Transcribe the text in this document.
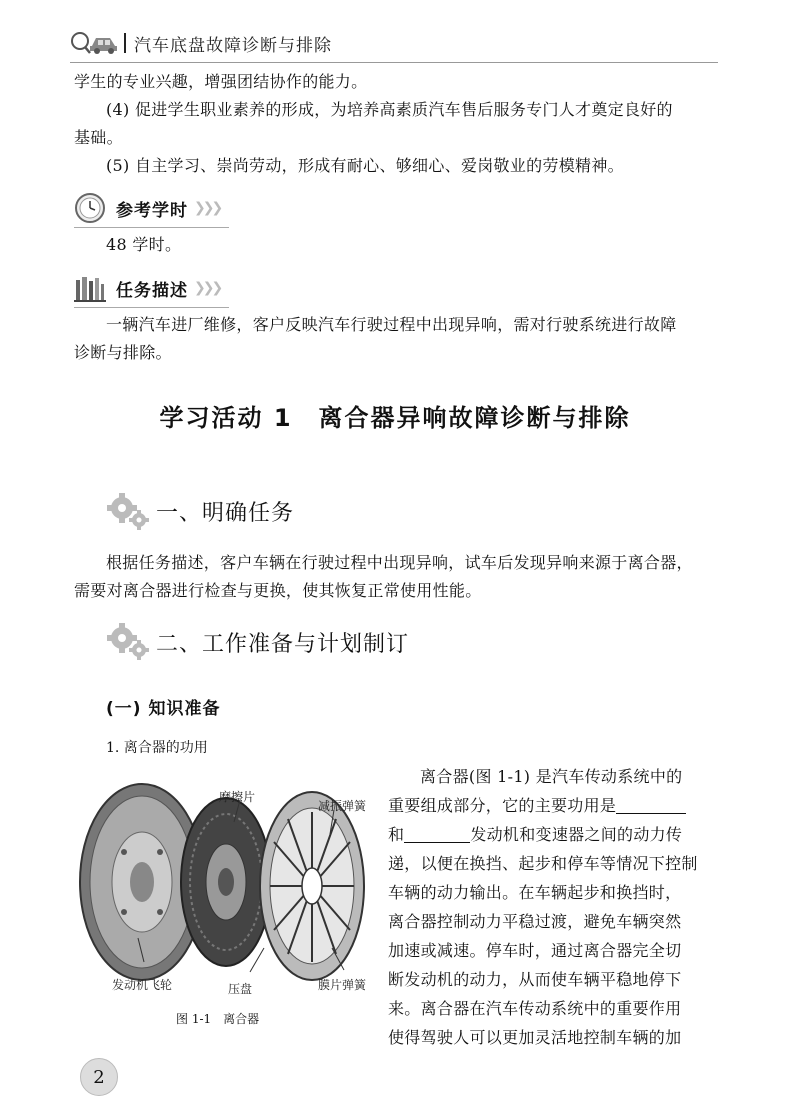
汽车底盘故障诊断与排除
学生的专业兴趣，增强团结协作的能力。
(4) 促进学生职业素养的形成，为培养高素质汽车售后服务专门人才奠定良好的
基础。
(5) 自主学习、崇尚劳动，形成有耐心、够细心、爱岗敬业的劳模精神。
参考学时 ❯❯❯
48 学时。
任务描述 ❯❯❯
一辆汽车进厂维修，客户反映汽车行驶过程中出现异响，需对行驶系统进行故障
诊断与排除。
学习活动 1　离合器异响故障诊断与排除
一、明确任务
根据任务描述，客户车辆在行驶过程中出现异响，试车后发现异响来源于离合器，
需要对离合器进行检查与更换，使其恢复正常使用性能。
二、工作准备与计划制订
(一) 知识准备
1. 离合器的功用
摩擦片
减振弹簧
发动机飞轮	压盘	膜片弹簧
图 1-1　离合器
离合器(图 1-1) 是汽车传动系统中的
重要组成部分，它的主要功用是
和	发动机和变速器之间的动力传
递，以便在换挡、起步和停车等情况下控制
车辆的动力输出。在车辆起步和换挡时，
离合器控制动力平稳过渡，避免车辆突然
加速或减速。停车时，通过离合器完全切
断发动机的动力，从而使车辆平稳地停下
来。离合器在汽车传动系统中的重要作用
使得驾驶人可以更加灵活地控制车辆的加
2
